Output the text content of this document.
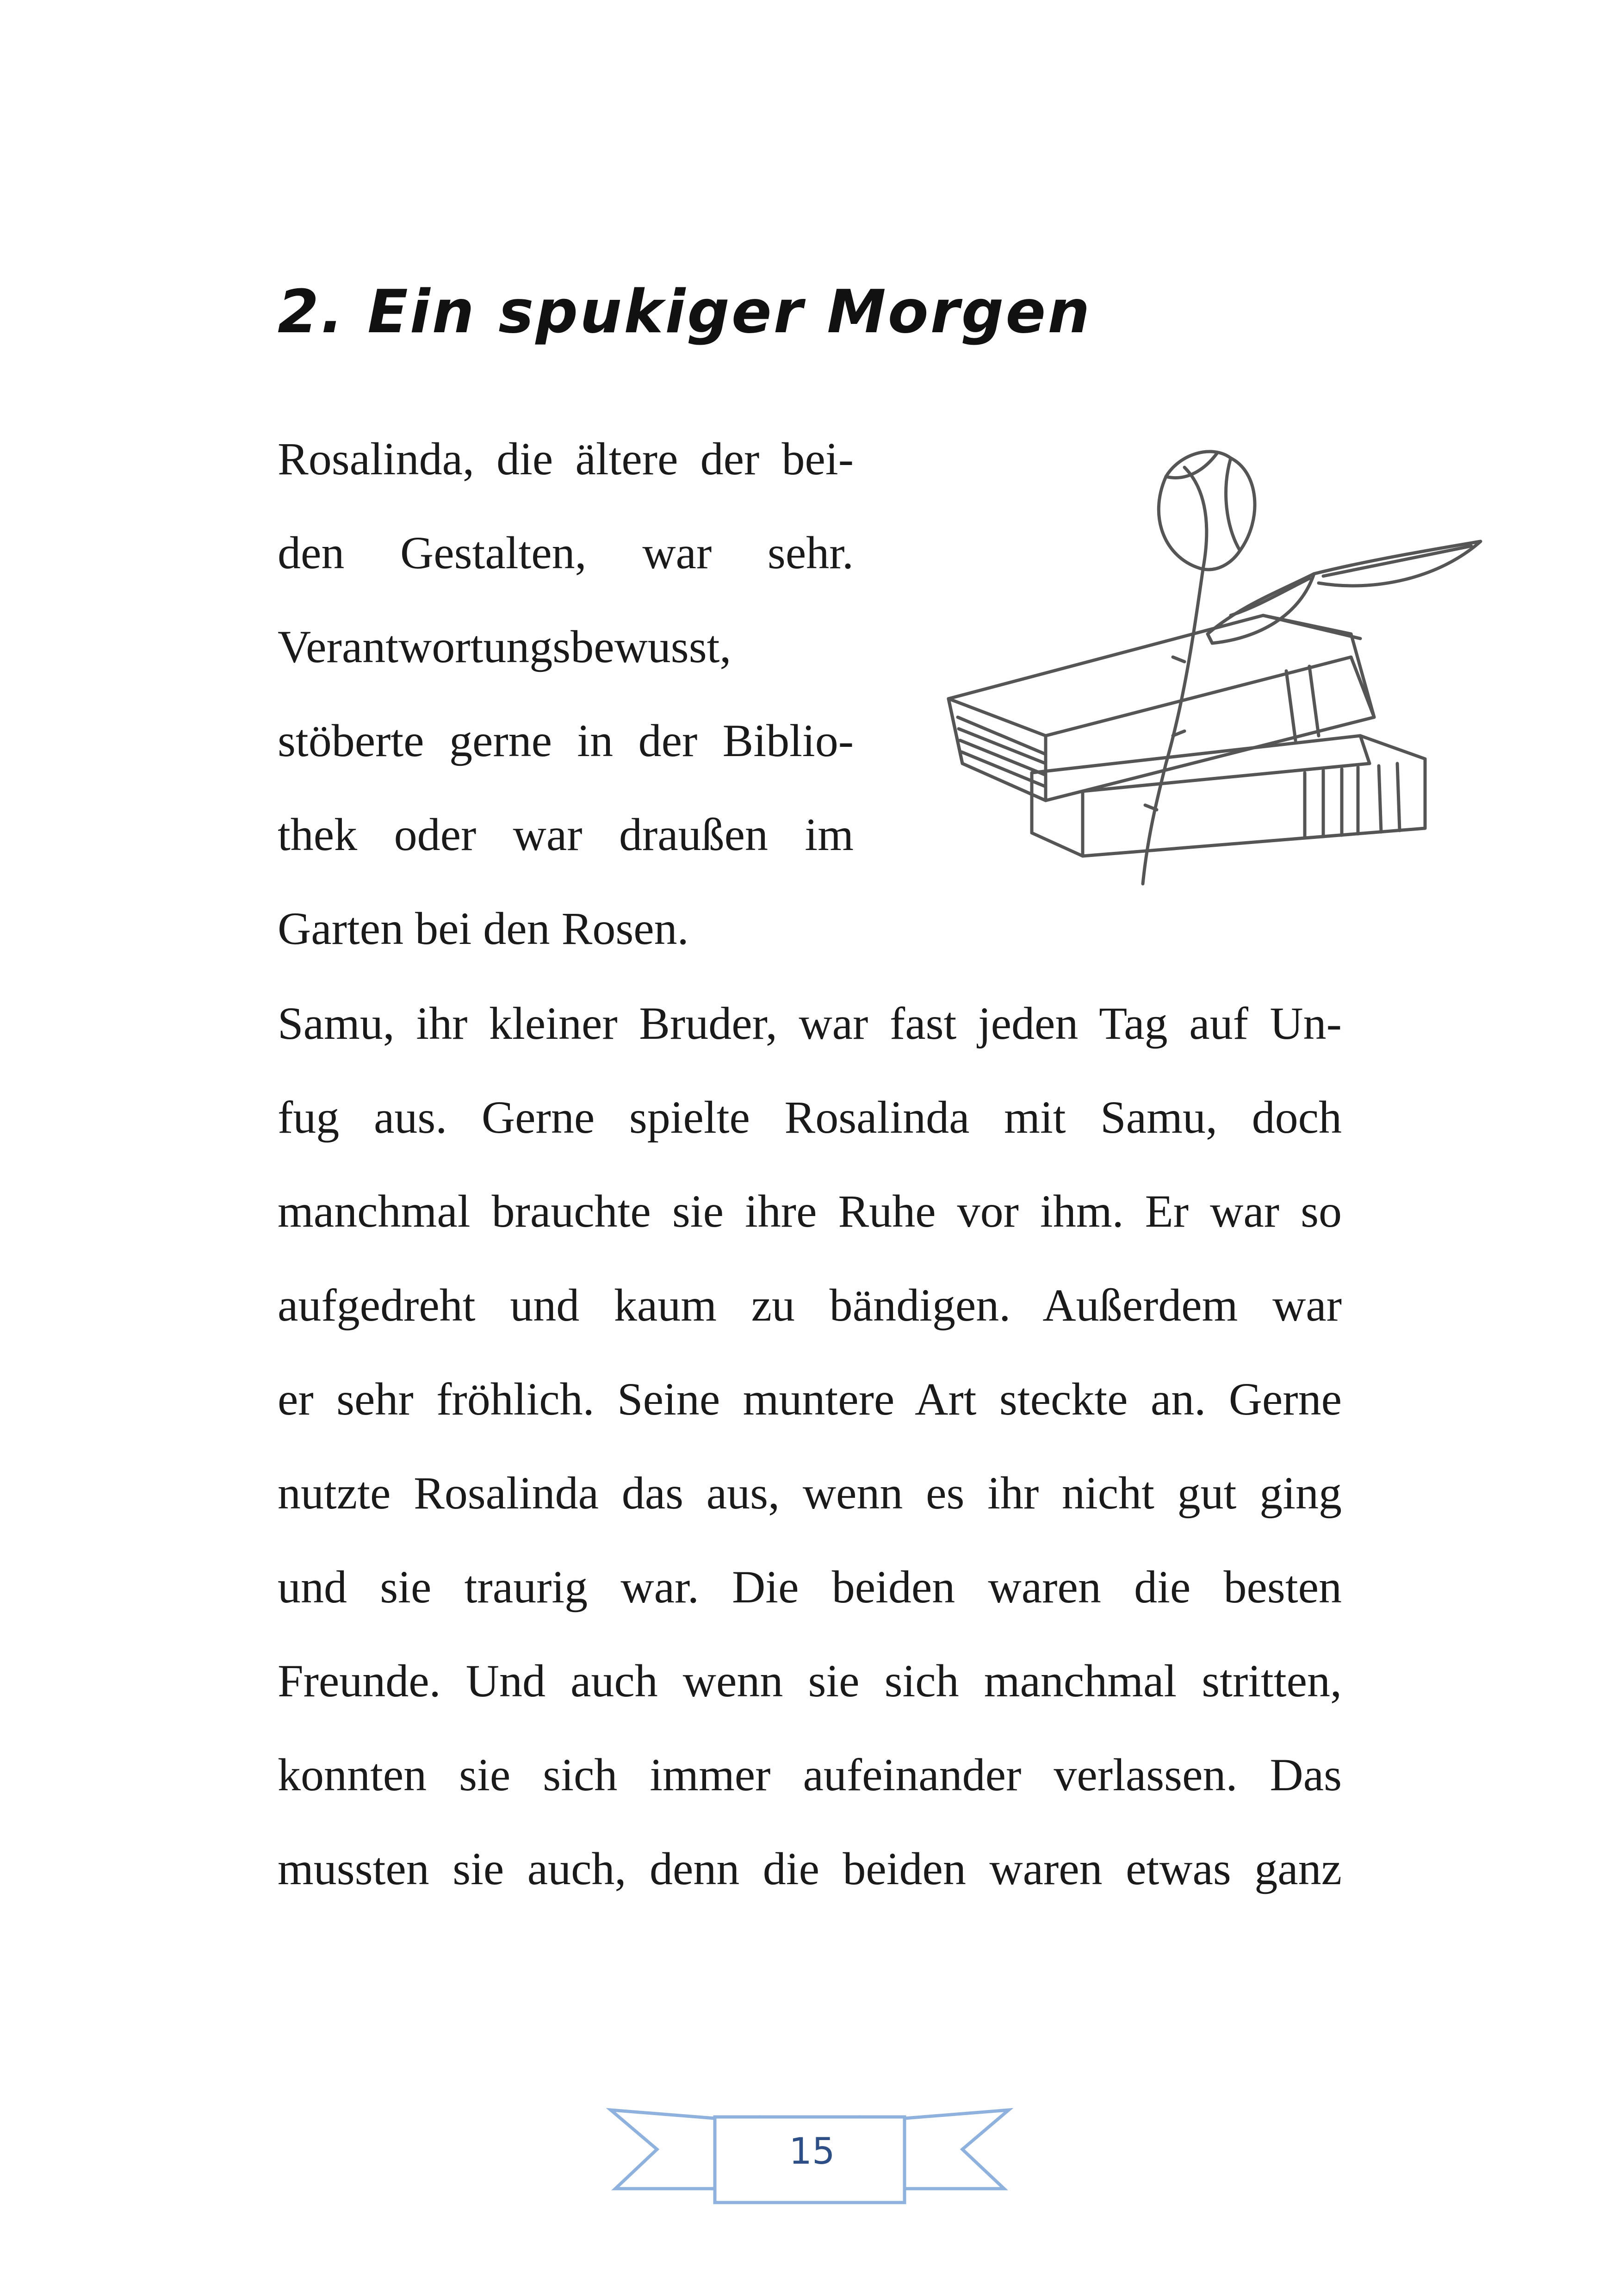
2. Ein spukiger Morgen

Rosalinda, die ältere der bei-
den Gestalten, war sehr.
Verantwortungsbewusst,
stöberte gerne in der Biblio-
thek oder war draußen im
Garten bei den Rosen.

Samu, ihr kleiner Bruder, war fast jeden Tag auf Un-
fug aus. Gerne spielte Rosalinda mit Samu, doch
manchmal brauchte sie ihre Ruhe vor ihm. Er war so
aufgedreht und kaum zu bändigen. Außerdem war
er sehr fröhlich. Seine muntere Art steckte an. Gerne
nutzte Rosalinda das aus, wenn es ihr nicht gut ging
und sie traurig war. Die beiden waren die besten
Freunde. Und auch wenn sie sich manchmal stritten,
konnten sie sich immer aufeinander verlassen. Das
mussten sie auch, denn die beiden waren etwas ganz

15
